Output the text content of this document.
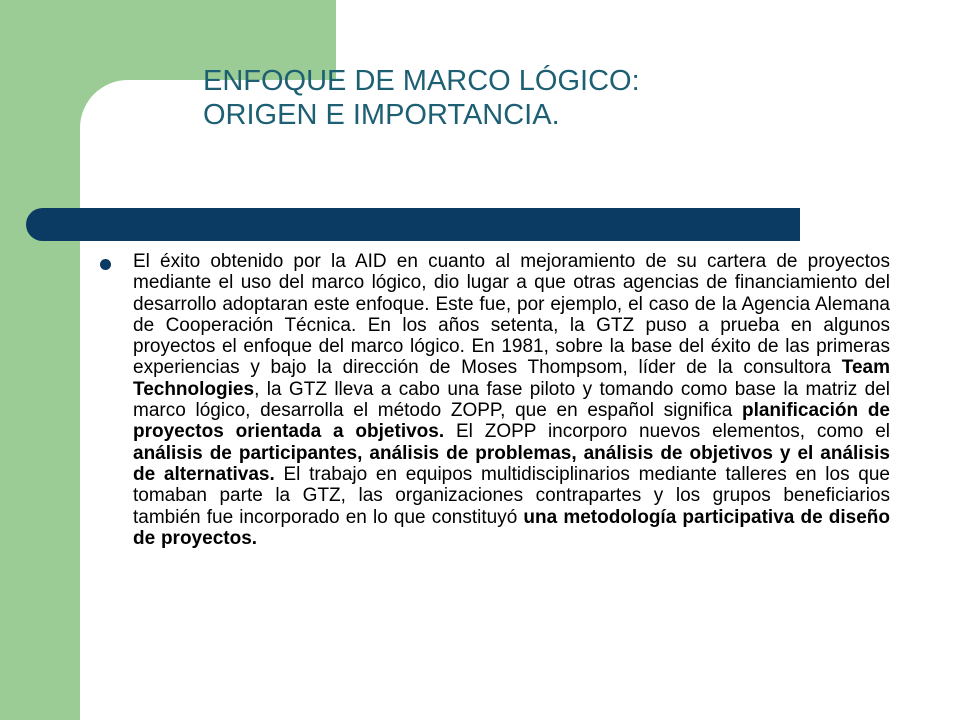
ENFOQUE DE MARCO LÓGICO:
ORIGEN E IMPORTANCIA.

El éxito obtenido por la AID en cuanto al mejoramiento de su cartera de proyectos mediante el uso del marco lógico, dio lugar a que otras agencias de financiamiento del desarrollo adoptaran este enfoque. Este fue, por ejemplo, el caso de la Agencia Alemana de Cooperación Técnica. En los años setenta, la GTZ puso a prueba en algunos proyectos el enfoque del marco lógico. En 1981, sobre la base del éxito de las primeras experiencias y bajo la dirección de Moses Thompsom, líder de la consultora Team Technologies, la GTZ lleva a cabo una fase piloto y tomando como base la matriz del marco lógico, desarrolla el método ZOPP, que en español significa planificación de proyectos orientada a objetivos. El ZOPP incorporo nuevos elementos, como el análisis de participantes, análisis de problemas, análisis de objetivos y el análisis de alternativas. El trabajo en equipos multidisciplinarios mediante talleres en los que tomaban parte la GTZ, las organizaciones contrapartes y los grupos beneficiarios también fue incorporado en lo que constituyó una metodología participativa de diseño de proyectos.
